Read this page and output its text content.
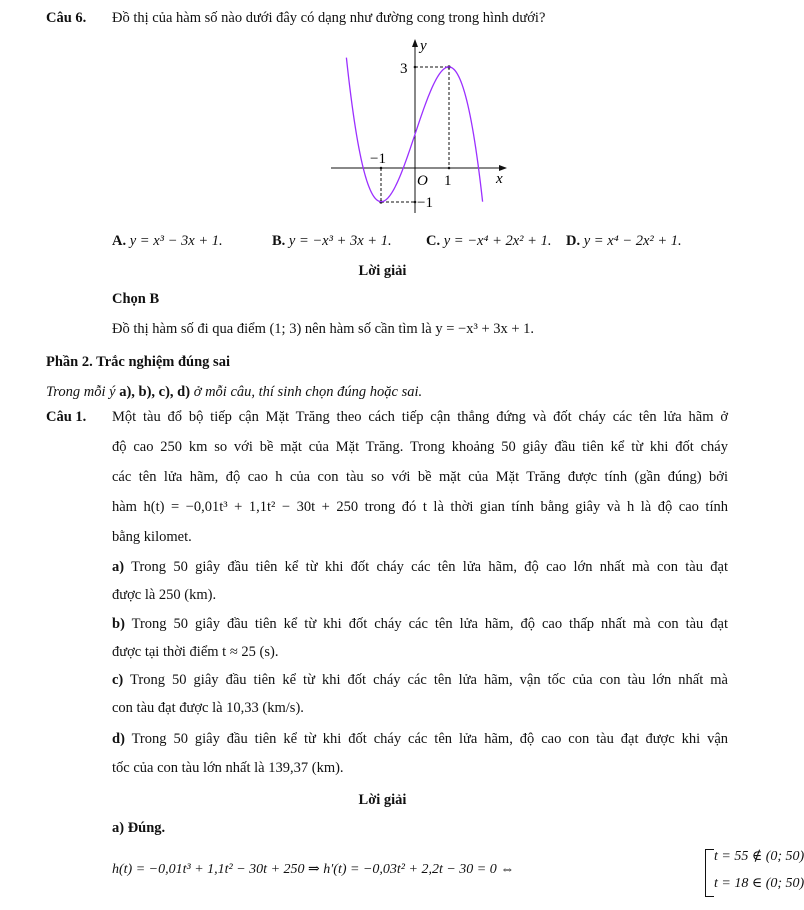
Câu 6. Đồ thị của hàm số nào dưới đây có dạng như đường cong trong hình dưới?
y
x
O
3
−1
1
−1
A. y = x³ − 3x + 1.	B. y = −x³ + 3x + 1. C. y = −x⁴ + 2x² + 1. D. y = x⁴ − 2x² + 1.
Lời giải
Chọn B
Đồ thị hàm số đi qua điểm (1; 3) nên hàm số cần tìm là y = −x³ + 3x + 1.
Phần 2. Trắc nghiệm đúng sai
Trong mỗi ý a), b), c), d) ở mỗi câu, thí sinh chọn đúng hoặc sai.
Câu 1. Một tàu đổ bộ tiếp cận Mặt Trăng theo cách tiếp cận thẳng đứng và đốt cháy các tên lửa hãm ở
độ cao 250 km so với bề mặt của Mặt Trăng. Trong khoảng 50 giây đầu tiên kể từ khi đốt cháy
các tên lửa hãm, độ cao h của con tàu so với bề mặt của Mặt Trăng được tính (gần đúng) bởi
hàm h(t) = −0,01t³ + 1,1t² − 30t + 250 trong đó t là thời gian tính bằng giây và h là độ cao tính
bằng kilomet.
a) Trong 50 giây đầu tiên kể từ khi đốt cháy các tên lửa hãm, độ cao lớn nhất mà con tàu đạt
được là 250 (km).
b) Trong 50 giây đầu tiên kể từ khi đốt cháy các tên lửa hãm, độ cao thấp nhất mà con tàu đạt
được tại thời điểm t ≈ 25 (s).
c) Trong 50 giây đầu tiên kể từ khi đốt cháy các tên lửa hãm, vận tốc của con tàu lớn nhất mà
con tàu đạt được là 10,33 (km/s).
d) Trong 50 giây đầu tiên kể từ khi đốt cháy các tên lửa hãm, độ cao con tàu đạt được khi vận
tốc của con tàu lớn nhất là 139,37 (km).
Lời giải
a) Đúng.
h(t) = −0,01t³ + 1,1t² − 30t + 250 ⇒ h′(t) = −0,03t² + 2,2t − 30 = 0 ⇔
t = 55 ∉ (0; 50)
t = 18 ∈ (0; 50)
